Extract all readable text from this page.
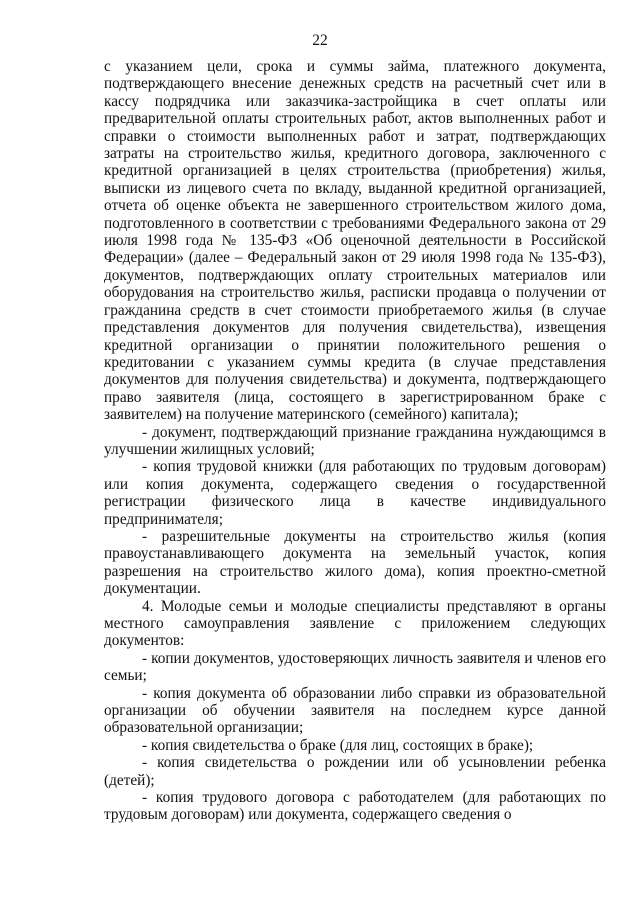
22

с указанием цели, срока и суммы займа, платежного документа, подтверждающего внесение денежных средств на расчетный счет или в кассу подрядчика или заказчика-застройщика в счет оплаты или предварительной оплаты строительных работ, актов выполненных работ и справки о стоимости выполненных работ и затрат, подтверждающих затраты на строительство жилья, кредитного договора, заключенного с кредитной организацией в целях строительства (приобретения) жилья, выписки из лицевого счета по вкладу, выданной кредитной организацией, отчета об оценке объекта не завершенного строительством жилого дома, подготовленного в соответствии с требованиями Федерального закона от 29 июля 1998 года № 135-ФЗ «Об оценочной деятельности в Российской Федерации» (далее – Федеральный закон от 29 июля 1998 года № 135-ФЗ), документов, подтверждающих оплату строительных материалов или оборудования на строительство жилья, расписки продавца о получении от гражданина средств в счет стоимости приобретаемого жилья (в случае представления документов для получения свидетельства), извещения кредитной организации о принятии положительного решения о кредитовании с указанием суммы кредита (в случае представления документов для получения свидетельства) и документа, подтверждающего право заявителя (лица, состоящего в зарегистрированном браке с заявителем) на получение материнского (семейного) капитала);

- документ, подтверждающий признание гражданина нуждающимся в улучшении жилищных условий;

- копия трудовой книжки (для работающих по трудовым договорам) или копия документа, содержащего сведения о государственной регистрации физического лица в качестве индивидуального предпринимателя;

- разрешительные документы на строительство жилья (копия правоустанавливающего документа на земельный участок, копия разрешения на строительство жилого дома), копия проектно-сметной документации.

4. Молодые семьи и молодые специалисты представляют в органы местного самоуправления заявление с приложением следующих документов:

- копии документов, удостоверяющих личность заявителя и членов его семьи;

- копия документа об образовании либо справки из образовательной организации об обучении заявителя на последнем курсе данной образовательной организации;

- копия свидетельства о браке (для лиц, состоящих в браке);

- копия свидетельства о рождении или об усыновлении ребенка (детей);

- копия трудового договора с работодателем (для работающих по трудовым договорам) или документа, содержащего сведения о
